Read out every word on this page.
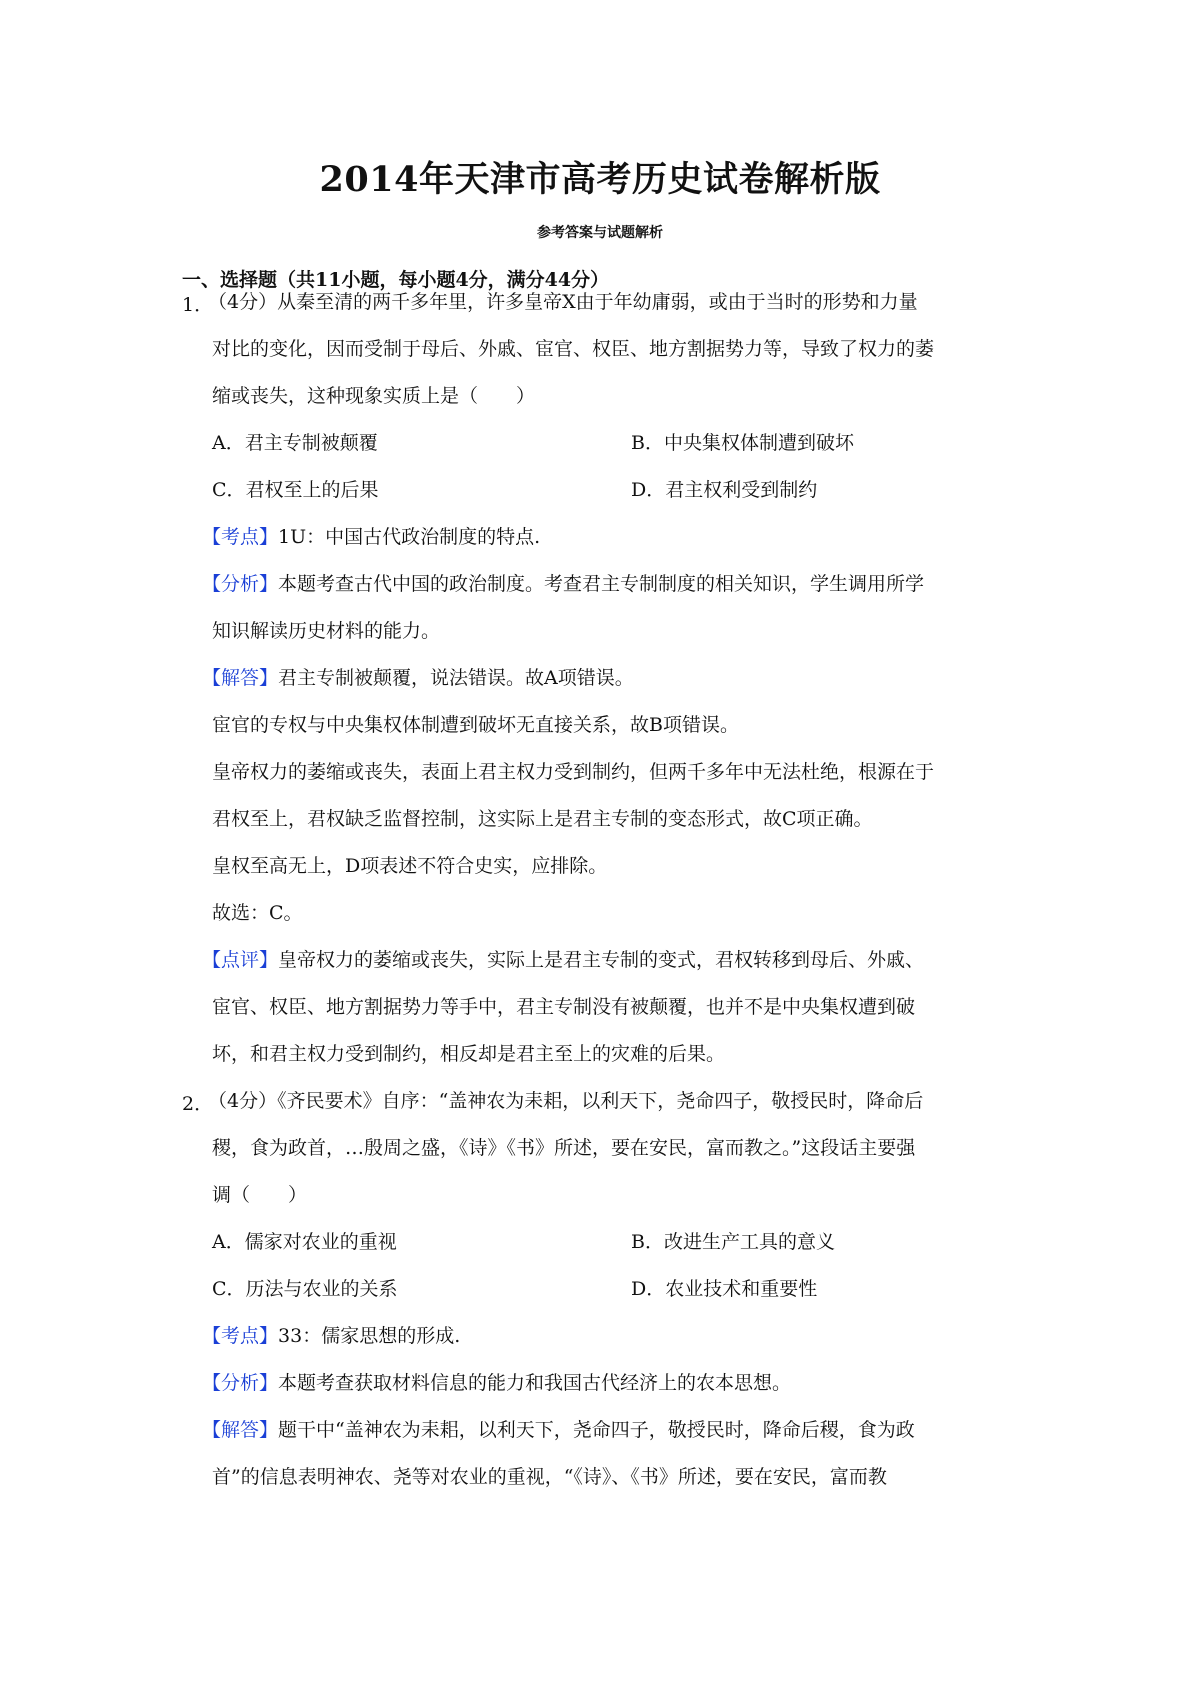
2014年天津市高考历史试卷解析版
参考答案与试题解析
一、选择题（共11小题，每小题4分，满分44分）
1．
（4分）从秦至清的两千多年里，许多皇帝X由于年幼庸弱，或由于当时的形势和力量
对比的变化，因而受制于母后、外戚、宦官、权臣、地方割据势力等，导致了权力的萎
缩或丧失，这种现象实质上是（　　）
A．君主专制被颠覆	B．中央集权体制遭到破坏
C．君权至上的后果	D．君主权利受到制约
【考点】1U：中国古代政治制度的特点.
【分析】本题考查古代中国的政治制度。考查君主专制制度的相关知识，学生调用所学
知识解读历史材料的能力。
【解答】君主专制被颠覆，说法错误。故A项错误。
宦官的专权与中央集权体制遭到破坏无直接关系，故B项错误。
皇帝权力的萎缩或丧失，表面上君主权力受到制约，但两千多年中无法杜绝，根源在于
君权至上，君权缺乏监督控制，这实际上是君主专制的变态形式，故C项正确。
皇权至高无上，D项表述不符合史实，应排除。
故选：C。
【点评】皇帝权力的萎缩或丧失，实际上是君主专制的变式，君权转移到母后、外戚、
宦官、权臣、地方割据势力等手中，君主专制没有被颠覆，也并不是中央集权遭到破
坏，和君主权力受到制约，相反却是君主至上的灾难的后果。
2．
（4分）《齐民要术》自序：“盖神农为耒耜，以利天下，尧命四子，敬授民时，降命后
稷，食为政首，…殷周之盛，《诗》《书》所述，要在安民，富而教之。”这段话主要强
调（　　）
A．儒家对农业的重视	B．改进生产工具的意义
C．历法与农业的关系	D．农业技术和重要性
【考点】33：儒家思想的形成.
【分析】本题考查获取材料信息的能力和我国古代经济上的农本思想。
【解答】题干中“盖神农为耒耜，以利天下，尧命四子，敬授民时，降命后稷，食为政
首”的信息表明神农、尧等对农业的重视，“《诗》、《书》所述，要在安民，富而教
